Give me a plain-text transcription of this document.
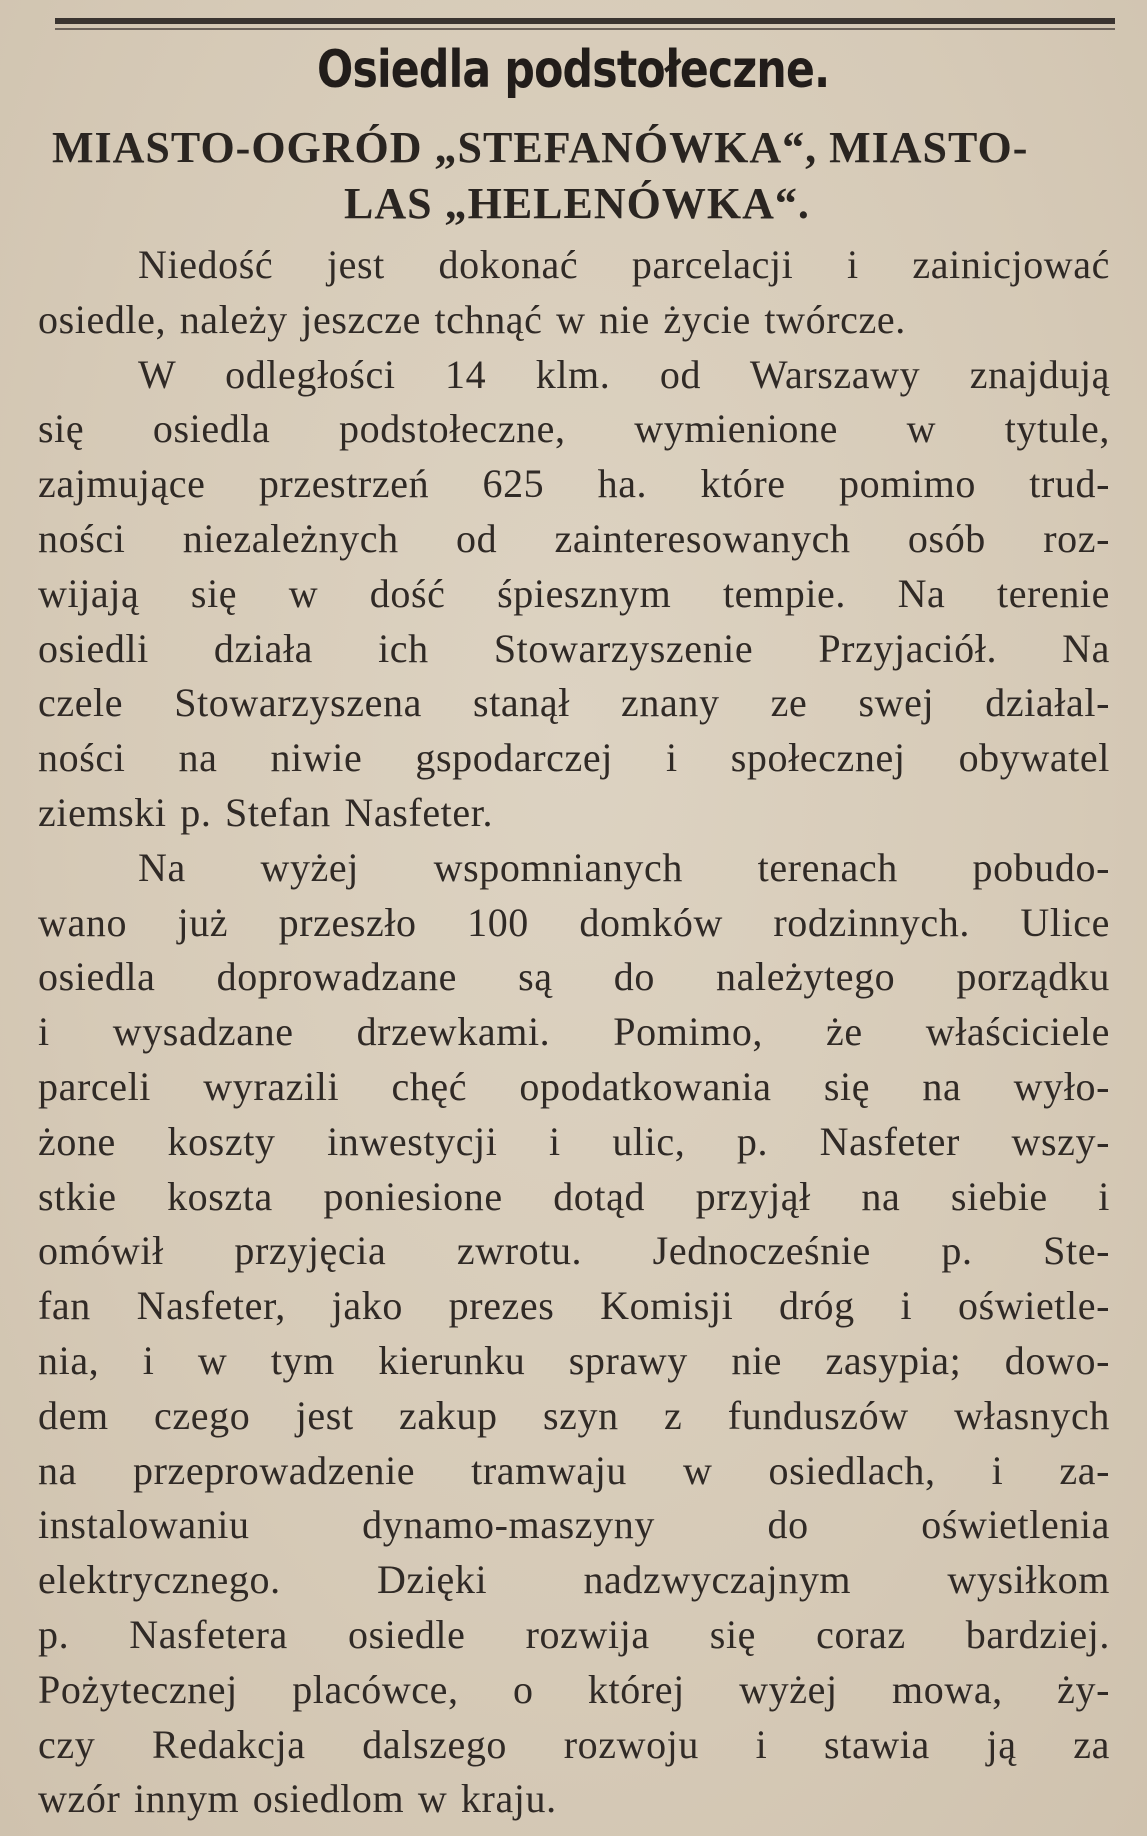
Osiedla podstołeczne.
MIASTO-OGRÓD „STEFANÓWKA“, MIASTO-
LAS „HELENÓWKA“.
Niedość jest dokonać parcelacji i zainicjować
osiedle, należy jeszcze tchnąć w nie życie twórcze.
W odległości 14 klm. od Warszawy znajdują
się osiedla podstołeczne, wymienione w tytule,
zajmujące przestrzeń 625 ha. które pomimo trud-
ności niezależnych od zainteresowanych osób roz-
wijają się w dość śpiesznym tempie. Na terenie
osiedli działa ich Stowarzyszenie Przyjaciół. Na
czele Stowarzyszena stanął znany ze swej działal-
ności na niwie gspodarczej i społecznej obywatel
ziemski p. Stefan Nasfeter.
Na wyżej wspomnianych terenach pobudo-
wano już przeszło 100 domków rodzinnych. Ulice
osiedla doprowadzane są do należytego porządku
i wysadzane drzewkami. Pomimo, że właściciele
parceli wyrazili chęć opodatkowania się na wyło-
żone koszty inwestycji i ulic, p. Nasfeter wszy-
stkie koszta poniesione dotąd przyjął na siebie i
omówił przyjęcia zwrotu. Jednocześnie p. Ste-
fan Nasfeter, jako prezes Komisji dróg i oświetle-
nia, i w tym kierunku sprawy nie zasypia; dowo-
dem czego jest zakup szyn z funduszów własnych
na przeprowadzenie tramwaju w osiedlach, i za-
instalowaniu dynamo-maszyny do oświetlenia
elektrycznego. Dzięki nadzwyczajnym wysiłkom
p. Nasfetera osiedle rozwija się coraz bardziej.
Pożytecznej placówce, o której wyżej mowa, ży-
czy Redakcja dalszego rozwoju i stawia ją za
wzór innym osiedlom w kraju.
